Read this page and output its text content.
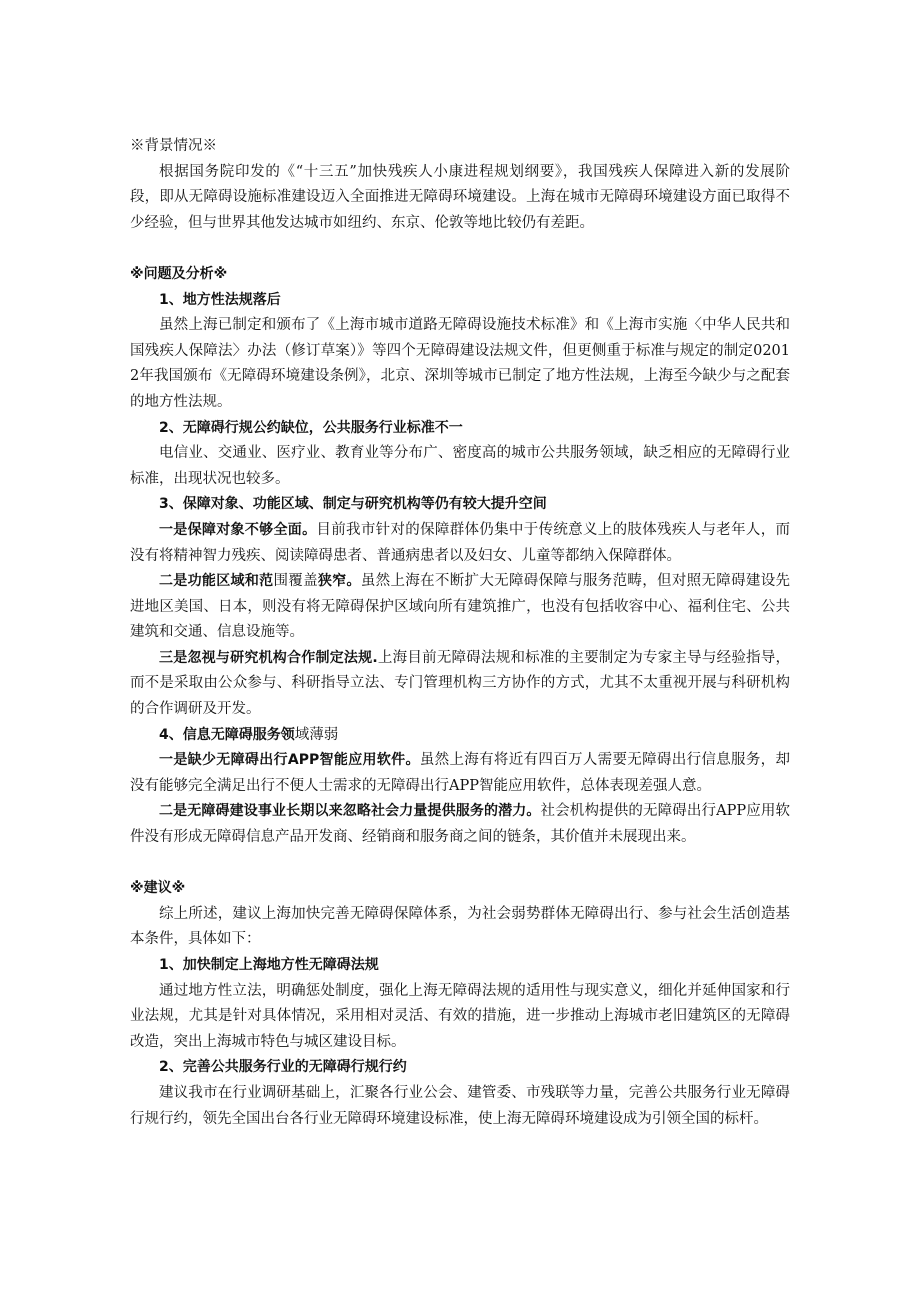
※背景情况※

根据国务院印发的《“十三五”加快残疾人小康进程规划纲要》，我国残疾人保障进入新的发展阶段，即从无障碍设施标准建设迈入全面推进无障碍环境建设。上海在城市无障碍环境建设方面已取得不少经验，但与世界其他发达城市如纽约、东京、伦敦等地比较仍有差距。

※问题及分析※

1、地方性法规落后

虽然上海已制定和颁布了《上海市城市道路无障碍设施技术标准》和《上海市实施〈中华人民共和国残疾人保障法〉办法（修订草案）》等四个无障碍建设法规文件，但更侧重于标准与规定的制定02012年我国颁布《无障碍环境建设条例》，北京、深圳等城市已制定了地方性法规，上海至今缺少与之配套的地方性法规。

2、无障碍行规公约缺位，公共服务行业标准不一

电信业、交通业、医疗业、教育业等分布广、密度高的城市公共服务领域，缺乏相应的无障碍行业标准，出现状况也较多。

3、保障对象、功能区域、制定与研究机构等仍有较大提升空间

一是保障对象不够全面。目前我市针对的保障群体仍集中于传统意义上的肢体残疾人与老年人，而没有将精神智力残疾、阅读障碍患者、普通病患者以及妇女、儿童等都纳入保障群体。

二是功能区域和范围覆盖狭窄。虽然上海在不断扩大无障碍保障与服务范畴，但对照无障碍建设先进地区美国、日本，则没有将无障碍保护区域向所有建筑推广，也没有包括收容中心、福利住宅、公共建筑和交通、信息设施等。

三是忽视与研究机构合作制定法规.上海目前无障碍法规和标准的主要制定为专家主导与经验指导，而不是采取由公众参与、科研指导立法、专门管理机构三方协作的方式，尤其不太重视开展与科研机构的合作调研及开发。

4、信息无障碍服务领域薄弱

一是缺少无障碍出行APP智能应用软件。虽然上海有将近有四百万人需要无障碍出行信息服务，却没有能够完全满足出行不便人士需求的无障碍出行APP智能应用软件，总体表现差强人意。

二是无障碍建设事业长期以来忽略社会力量提供服务的潜力。社会机构提供的无障碍出行APP应用软件没有形成无障碍信息产品开发商、经销商和服务商之间的链条，其价值并未展现出来。

※建议※

综上所述，建议上海加快完善无障碍保障体系，为社会弱势群体无障碍出行、参与社会生活创造基本条件，具体如下：

1、加快制定上海地方性无障碍法规

通过地方性立法，明确惩处制度，强化上海无障碍法规的适用性与现实意义，细化并延伸国家和行业法规，尤其是针对具体情况，采用相对灵活、有效的措施，进一步推动上海城市老旧建筑区的无障碍改造，突出上海城市特色与城区建设目标。

2、完善公共服务行业的无障碍行规行约

建议我市在行业调研基础上，汇聚各行业公会、建管委、市残联等力量，完善公共服务行业无障碍行规行约，领先全国出台各行业无障碍环境建设标准，使上海无障碍环境建设成为引领全国的标杆。
